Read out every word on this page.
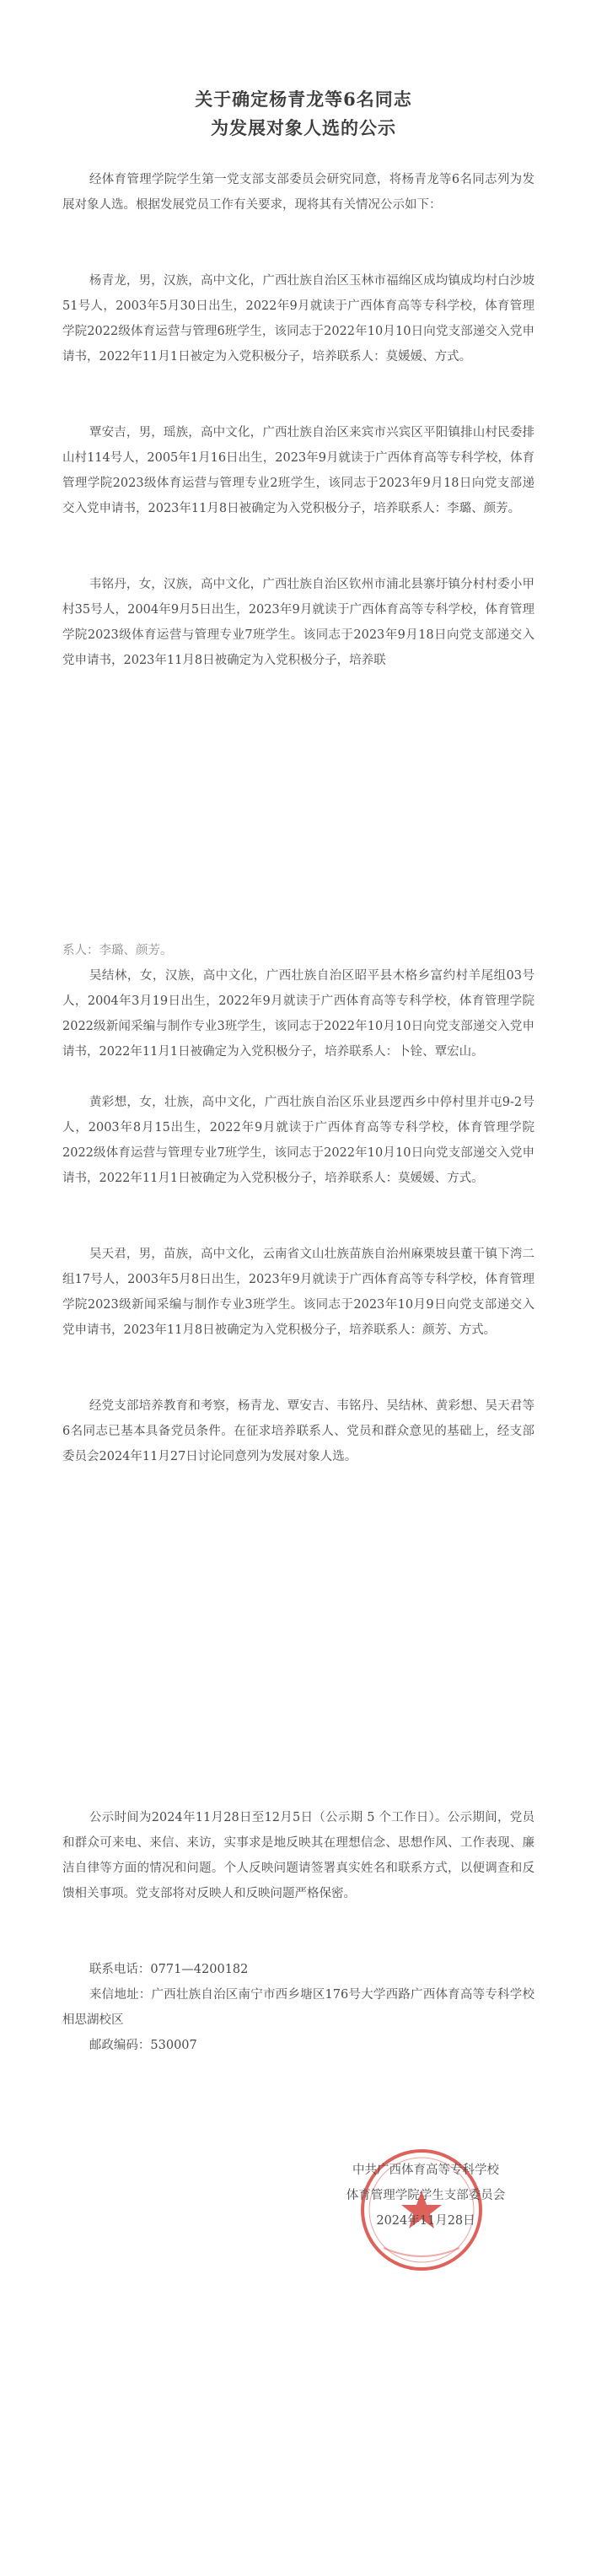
关于确定杨青龙等6名同志
为发展对象人选的公示

经体育管理学院学生第一党支部支部委员会研究同意，将杨青龙等6名同志列为发展对象人选。根据发展党员工作有关要求，现将其有关情况公示如下：

杨青龙，男，汉族，高中文化，广西壮族自治区玉林市福绵区成均镇成均村白沙坡51号人，2003年5月30日出生，2022年9月就读于广西体育高等专科学校，体育管理学院2022级体育运营与管理6班学生，该同志于2022年10月10日向党支部递交入党申请书，2022年11月1日被定为入党积极分子，培养联系人：莫媛媛、方式。

覃安吉，男，瑶族，高中文化，广西壮族自治区来宾市兴宾区平阳镇排山村民委排山村114号人，2005年1月16日出生，2023年9月就读于广西体育高等专科学校，体育管理学院2023级体育运营与管理专业2班学生，该同志于2023年9月18日向党支部递交入党申请书，2023年11月8日被确定为入党积极分子，培养联系人：李璐、颜芳。

韦铭丹，女，汉族，高中文化，广西壮族自治区钦州市浦北县寨圩镇分村村委小甲村35号人，2004年9月5日出生，2023年9月就读于广西体育高等专科学校，体育管理学院2023级体育运营与管理专业7班学生。该同志于2023年9月18日向党支部递交入党申请书，2023年11月8日被确定为入党积极分子，培养联

系人：李璐、颜芳。

吴结林，女，汉族，高中文化，广西壮族自治区昭平县木格乡富约村羊尾组03号人，2004年3月19日出生，2022年9月就读于广西体育高等专科学校，体育管理学院2022级新闻采编与制作专业3班学生，该同志于2022年10月10日向党支部递交入党申请书，2022年11月1日被确定为入党积极分子，培养联系人：卜铨、覃宏山。

黄彩想，女，壮族，高中文化，广西壮族自治区乐业县逻西乡中停村里并屯9-2号人，2003年8月15出生，2022年9月就读于广西体育高等专科学校，体育管理学院2022级体育运营与管理专业7班学生，该同志于2022年10月10日向党支部递交入党申请书，2022年11月1日被确定为入党积极分子，培养联系人：莫媛媛、方式。

吴天君，男，苗族，高中文化，云南省文山壮族苗族自治州麻栗坡县董干镇下湾二组17号人，2003年5月8日出生，2023年9月就读于广西体育高等专科学校，体育管理学院2023级新闻采编与制作专业3班学生。该同志于2023年10月9日向党支部递交入党申请书，2023年11月8日被确定为入党积极分子，培养联系人：颜芳、方式。

经党支部培养教育和考察，杨青龙、覃安吉、韦铭丹、吴结林、黄彩想、吴天君等6名同志已基本具备党员条件。在征求培养联系人、党员和群众意见的基础上，经支部委员会2024年11月27日讨论同意列为发展对象人选。

公示时间为2024年11月28日至12月5日（公示期 5 个工作日）。公示期间，党员和群众可来电、来信、来访，实事求是地反映其在理想信念、思想作风、工作表现、廉洁自律等方面的情况和问题。个人反映问题请签署真实姓名和联系方式，以便调查和反馈相关事项。党支部将对反映人和反映问题严格保密。

联系电话：0771—4200182

来信地址：广西壮族自治区南宁市西乡塘区176号大学西路广西体育高等专科学校相思湖校区

邮政编码：530007

中共广西体育高等专科学校
体育管理学院学生支部委员会
2024年11月28日
